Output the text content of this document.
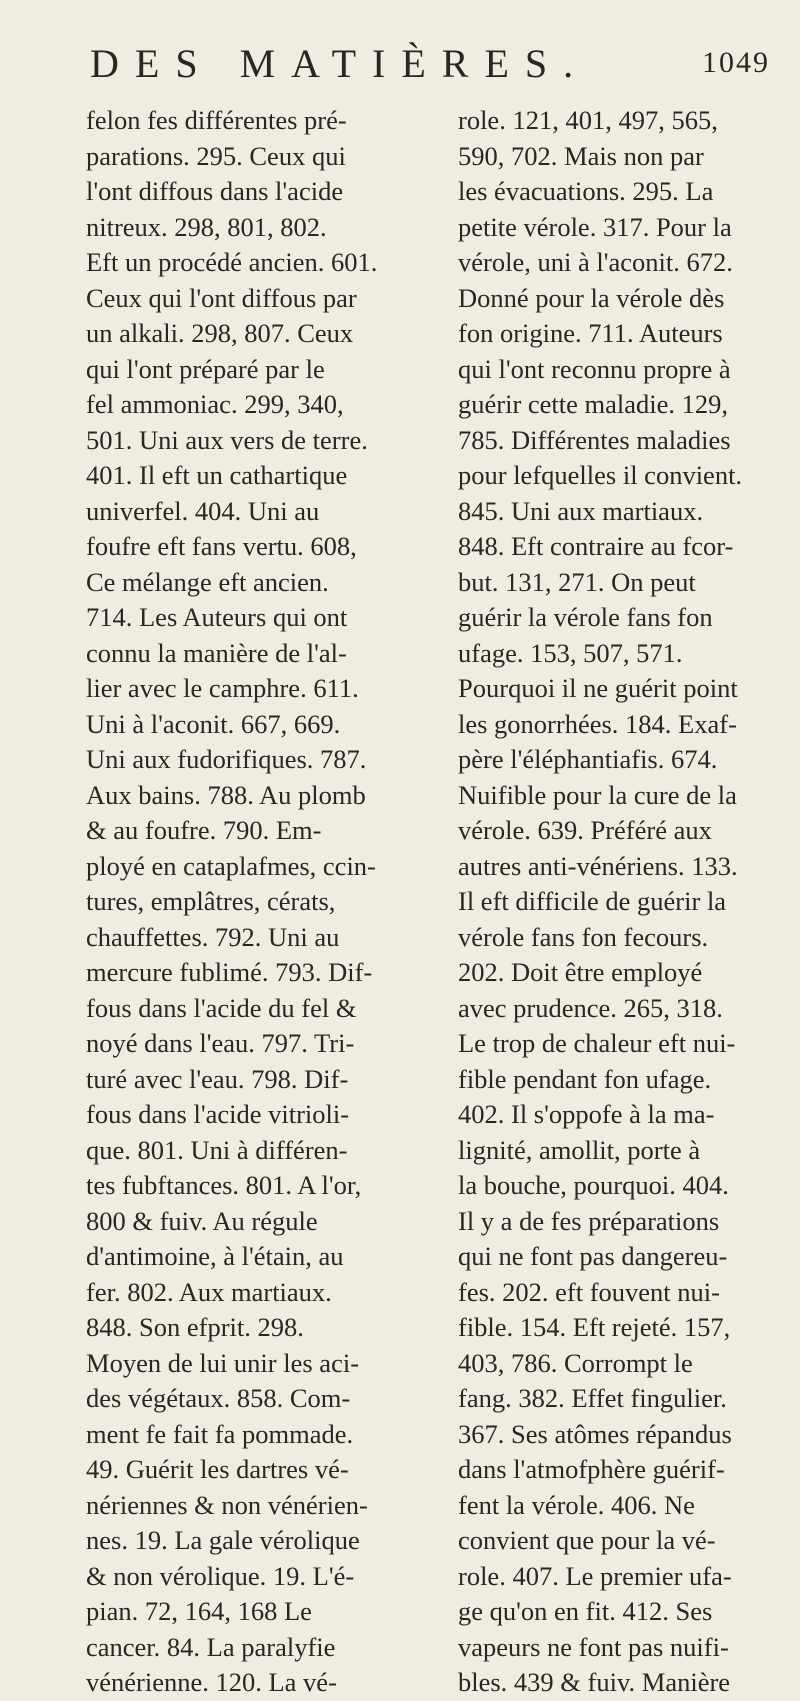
DES MATIÈRES.	1049
felon fes différentes pré-
parations. 295. Ceux qui
l'ont diffous dans l'acide
nitreux. 298, 801, 802.
Eft un procédé ancien. 601.
Ceux qui l'ont diffous par
un alkali. 298, 807. Ceux
qui l'ont préparé par le
fel ammoniac. 299, 340,
501. Uni aux vers de terre.
401. Il eft un cathartique
univerfel. 404. Uni au
foufre eft fans vertu. 608,
Ce mélange eft ancien.
714. Les Auteurs qui ont
connu la manière de l'al-
lier avec le camphre. 611.
Uni à l'aconit. 667, 669.
Uni aux fudorifiques. 787.
Aux bains. 788. Au plomb
& au foufre. 790. Em-
ployé en cataplafmes, ccin-
tures, emplâtres, cérats,
chauffettes. 792. Uni au
mercure fublimé. 793. Dif-
fous dans l'acide du fel &
noyé dans l'eau. 797. Tri-
turé avec l'eau. 798. Dif-
fous dans l'acide vitrioli-
que. 801. Uni à différen-
tes fubftances. 801. A l'or,
800 & fuiv. Au régule
d'antimoine, à l'étain, au
fer. 802. Aux martiaux.
848. Son efprit. 298.
Moyen de lui unir les aci-
des végétaux. 858. Com-
ment fe fait fa pommade.
49. Guérit les dartres vé-
nériennes & non vénérien-
nes. 19. La gale vérolique
& non vérolique. 19. L'é-
pian. 72, 164, 168 Le
cancer. 84. La paralyfie
vénérienne. 120. La vé-
role. 121, 401, 497, 565,
590, 702. Mais non par
les évacuations. 295. La
petite vérole. 317. Pour la
vérole, uni à l'aconit. 672.
Donné pour la vérole dès
fon origine. 711. Auteurs
qui l'ont reconnu propre à
guérir cette maladie. 129,
785. Différentes maladies
pour lefquelles il convient.
845. Uni aux martiaux.
848. Eft contraire au fcor-
but. 131, 271. On peut
guérir la vérole fans fon
ufage. 153, 507, 571.
Pourquoi il ne guérit point
les gonorrhées. 184. Exaf-
père l'éléphantiafis. 674.
Nuifible pour la cure de la
vérole. 639. Préféré aux
autres anti-vénériens. 133.
Il eft difficile de guérir la
vérole fans fon fecours.
202. Doit être employé
avec prudence. 265, 318.
Le trop de chaleur eft nui-
fible pendant fon ufage.
402. Il s'oppofe à la ma-
lignité, amollit, porte à
la bouche, pourquoi. 404.
Il y a de fes préparations
qui ne font pas dangereu-
fes. 202. eft fouvent nui-
fible. 154. Eft rejeté. 157,
403, 786. Corrompt le
fang. 382. Effet fingulier.
367. Ses atômes répandus
dans l'atmofphère guérif-
fent la vérole. 406. Ne
convient que pour la vé-
role. 407. Le premier ufa-
ge qu'on en fit. 412. Ses
vapeurs ne font pas nuifi-
bles. 439 & fuiv. Manière
